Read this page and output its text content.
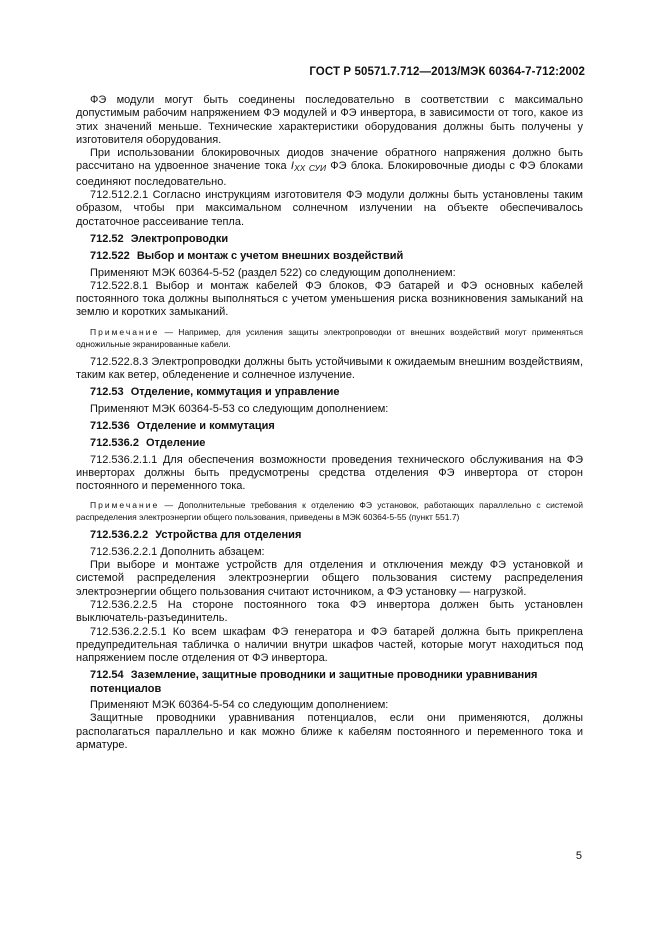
ГОСТ Р 50571.7.712—2013/МЭК 60364-7-712:2002

ФЭ модули могут быть соединены последовательно в соответствии с максимально допустимым рабочим напряжением ФЭ модулей и ФЭ инвертора, в зависимости от того, какое из этих значений меньше. Технические характеристики оборудования должны быть получены у изготовителя оборудования.

При использовании блокировочных диодов значение обратного напряжения должно быть рассчитано на удвоенное значение тока $I_{XX СУИ}$ ФЭ блока. Блокировочные диоды с ФЭ блоками соединяют последовательно.

712.512.2.1 Согласно инструкциям изготовителя ФЭ модули должны быть установлены таким образом, чтобы при максимальном солнечном излучении на объекте обеспечивалось достаточное рассеивание тепла.

712.52 Электропроводки
712.522 Выбор и монтаж с учетом внешних воздействий

Применяют МЭК 60364-5-52 (раздел 522) со следующим дополнением:

712.522.8.1 Выбор и монтаж кабелей ФЭ блоков, ФЭ батарей и ФЭ основных кабелей постоянного тока должны выполняться с учетом уменьшения риска возникновения замыканий на землю и коротких замыканий.

Примечание — Например, для усиления защиты электропроводки от внешних воздействий могут применяться одножильные экранированные кабели.

712.522.8.3 Электропроводки должны быть устойчивыми к ожидаемым внешним воздействиям, таким как ветер, обледенение и солнечное излучение.

712.53 Отделение, коммутация и управление

Применяют МЭК 60364-5-53 со следующим дополнением:

712.536 Отделение и коммутация
712.536.2 Отделение

712.536.2.1.1 Для обеспечения возможности проведения технического обслуживания на ФЭ инверторах должны быть предусмотрены средства отделения ФЭ инвертора от сторон постоянного и переменного тока.

Примечание — Дополнительные требования к отделению ФЭ установок, работающих параллельно с системой распределения электроэнергии общего пользования, приведены в МЭК 60364-5-55 (пункт 551.7)

712.536.2.2 Устройства для отделения

712.536.2.2.1 Дополнить абзацем:

При выборе и монтаже устройств для отделения и отключения между ФЭ установкой и системой распределения электроэнергии общего пользования систему распределения электроэнергии общего пользования считают источником, а ФЭ установку — нагрузкой.

712.536.2.2.5 На стороне постоянного тока ФЭ инвертора должен быть установлен выключатель-разъединитель.

712.536.2.2.5.1 Ко всем шкафам ФЭ генератора и ФЭ батарей должна быть прикреплена предупредительная табличка о наличии внутри шкафов частей, которые могут находиться под напряжением после отделения от ФЭ инвертора.

712.54 Заземление, защитные проводники и защитные проводники уравнивания потенциалов

Применяют МЭК 60364-5-54 со следующим дополнением:

Защитные проводники уравнивания потенциалов, если они применяются, должны располагаться параллельно и как можно ближе к кабелям постоянного и переменного тока и арматуре.

5
